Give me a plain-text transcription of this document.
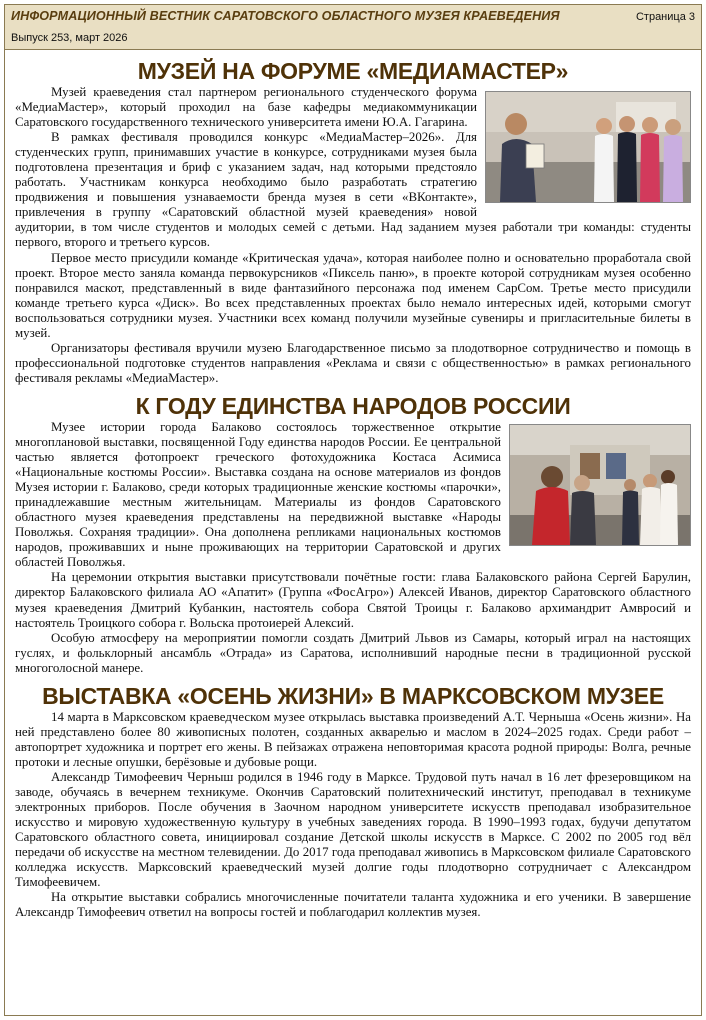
ИНФОРМАЦИОННЫЙ ВЕСТНИК САРАТОВСКОГО ОБЛАСТНОГО МУЗЕЯ КРАЕВЕДЕНИЯ
Выпуск 253, март 2026
Страница 3
МУЗЕЙ НА ФОРУМЕ «МЕДИАМАСТЕР»

Музей краеведения стал партнером регионального студенческого форума «МедиаМастер», который проходил на базе кафедры медиакоммуникации Саратовского государственного технического университета имени Ю.А. Гагарина.

В рамках фестиваля проводился конкурс «МедиаМастер–2026». Для студенческих групп, принимавших участие в конкурсе, сотрудниками музея была подготовлена презентация и бриф с указанием задач, над которыми предстояло работать. Участникам конкурса необходимо было разработать стратегию продвижения и повышения узнаваемости бренда музея в сети «ВКонтакте», привлечения в группу «Саратовский областной музей краеведения» новой аудитории, в том числе студентов и молодых семей с детьми. Над заданием музея работали три команды: студенты первого, второго и третьего курсов.

Первое место присудили команде «Критическая удача», которая наиболее полно и основательно проработала свой проект. Второе место заняла команда первокурсников «Пиксель паню», в проекте которой сотрудникам музея особенно понравился маскот, представленный в виде фантазийного персонажа под именем СарСом. Третье место присудили команде третьего курса «Диск». Во всех представленных проектах было немало интересных идей, которыми смогут воспользоваться сотрудники музея. Участники всех команд получили музейные сувениры и пригласительные билеты в музей.

Организаторы фестиваля вручили музею Благодарственное письмо за плодотворное сотрудничество и помощь в профессиональной подготовке студентов направления «Реклама и связи с общественностью» в рамках регионального фестиваля рекламы «МедиаМастер».

К ГОДУ ЕДИНСТВА НАРОДОВ РОССИИ

Музее истории города Балаково состоялось торжественное открытие многоплановой выставки, посвященной Году единства народов России. Ее центральной частью является фотопроект греческого фотохудожника Костаса Асимиса «Национальные костюмы России». Выставка создана на основе материалов из фондов Музея истории г. Балаково, среди которых традиционные женские костюмы «парочки», принадлежавшие местным жительницам. Материалы из фондов Саратовского областного музея краеведения представлены на передвижной выставке «Народы Поволжья. Сохраняя традиции». Она дополнена репликами национальных костюмов народов, проживавших и ныне проживающих на территории Саратовской и других областей Поволжья.

На церемонии открытия выставки присутствовали почётные гости: глава Балаковского района Сергей Барулин, директор Балаковского филиала АО «Апатит» (Группа «ФосАгро») Алексей Иванов, директор Саратовского областного музея краеведения Дмитрий Кубанкин, настоятель собора Святой Троицы г. Балаково архимандрит Амвросий и настоятель Троицкого собора г. Вольска протоиерей Алексий.

Особую атмосферу на мероприятии помогли создать Дмитрий Львов из Самары, который играл на настоящих гуслях, и фольклорный ансамбль «Отрада» из Саратова, исполнивший народные песни в традиционной русской многоголосной манере.

ВЫСТАВКА «ОСЕНЬ ЖИЗНИ» В МАРКСОВСКОМ МУЗЕЕ

14 марта в Марксовском краеведческом музее открылась выставка произведений А.Т. Черныша «Осень жизни». На ней представлено более 80 живописных полотен, созданных акварелью и маслом в 2024–2025 годах. Среди работ – автопортрет художника и портрет его жены. В пейзажах отражена неповторимая красота родной природы: Волга, речные протоки и лесные опушки, берёзовые и дубовые рощи.

Александр Тимофеевич Черныш родился в 1946 году в Марксе. Трудовой путь начал в 16 лет фрезеровщиком на заводе, обучаясь в вечернем техникуме. Окончив Саратовский политехнический институт, преподавал в техникуме электронных приборов. После обучения в Заочном народном университете искусств преподавал изобразительное искусство и мировую художественную культуру в учебных заведениях города. В 1990–1993 годах, будучи депутатом Саратовского областного совета, инициировал создание Детской школы искусств в Марксе. С 2002 по 2005 год вёл передачи об искусстве на местном телевидении. До 2017 года преподавал живопись в Марксовском филиале Саратовского колледжа искусств. Марксовский краеведческий музей долгие годы плодотворно сотрудничает с Александром Тимофеевичем.

На открытие выставки собрались многочисленные почитатели таланта художника и его ученики. В завершение Александр Тимофеевич ответил на вопросы гостей и поблагодарил коллектив музея.
